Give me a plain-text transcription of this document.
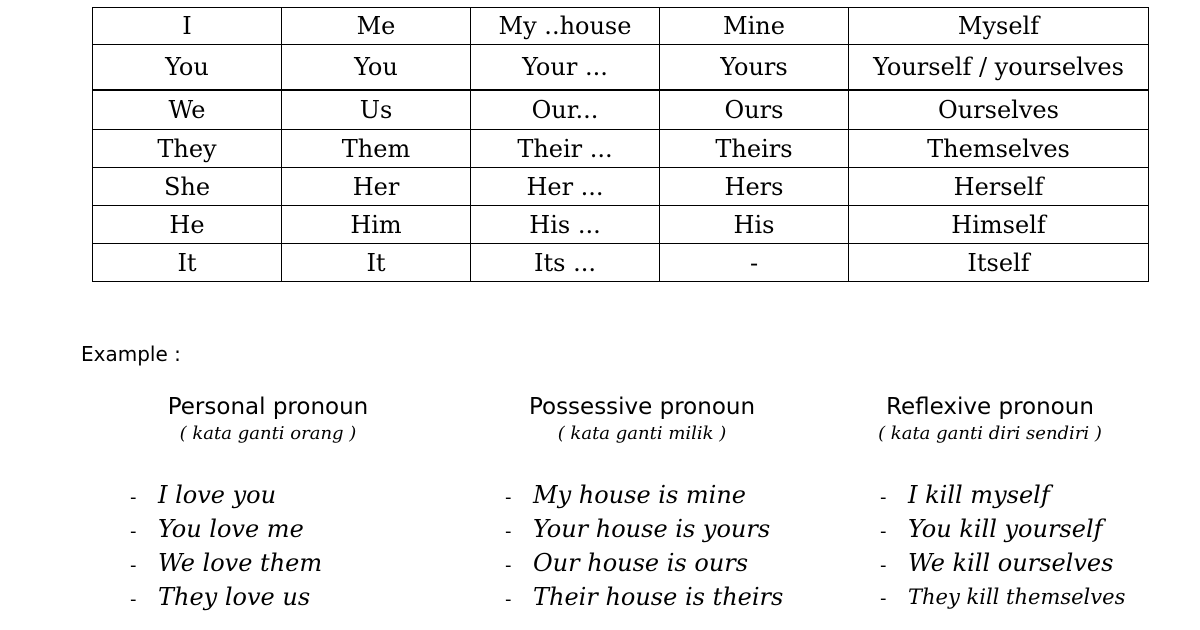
I	Me	My ..house	Mine	Myself
You	You	Your ...	Yours	Yourself / yourselves
We	Us	Our...	Ours	Ourselves
They	Them	Their ...	Theirs	Themselves
She	Her	Her ...	Hers	Herself
He	Him	His ...	His	Himself
It	It	Its ...	-	Itself
Example :
Personal pronoun
( kata ganti orang )
Possessive pronoun
( kata ganti milik )
Reflexive pronoun
( kata ganti diri sendiri )
- I love you
- You love me
- We love them
- They love us
- My house is mine
- Your house is yours
- Our house is ours
- Their house is theirs
- I kill myself
- You kill yourself
- We kill ourselves
- They kill themselves
